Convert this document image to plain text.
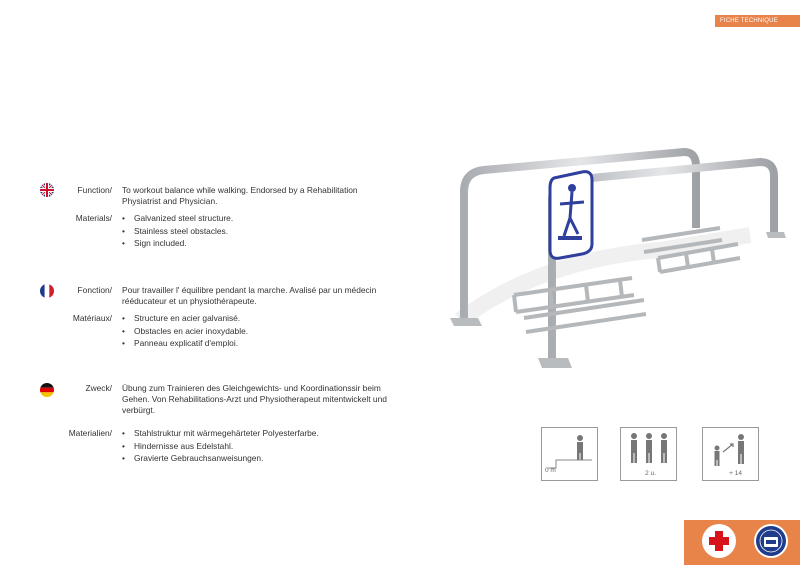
FICHE TECHNIQUE
Function/ To workout balance while walking. Endorsed by a Rehabilitation Physiatrist and Physician.
Materials/	• Galvanized steel structure.
• Stainless steel obstacles.
• Sign included.
Fonction/ Pour travailler l' équilibre pendant la marche. Avalisé par un médecin rééducateur et un physiothérapeute.
Matériaux/	• Structure en acier galvanisé.
• Obstacles en acier inoxydable.
• Panneau explicatif d'emploi.
Zweck/ Übung zum Trainieren des Gleichgewichts- und Koordinationssir beim Gehen. Von Rehabilitations-Arzt und Physiotherapeut mitentwickelt und verbürgt.
Materialien/	• Stahlstruktur mit wärmegehärteter Polyesterfarbe.
• Hindernisse aus Edelstahl.
• Gravierte Gebrauchsanweisungen.
0 m	2 u.	+ 14
